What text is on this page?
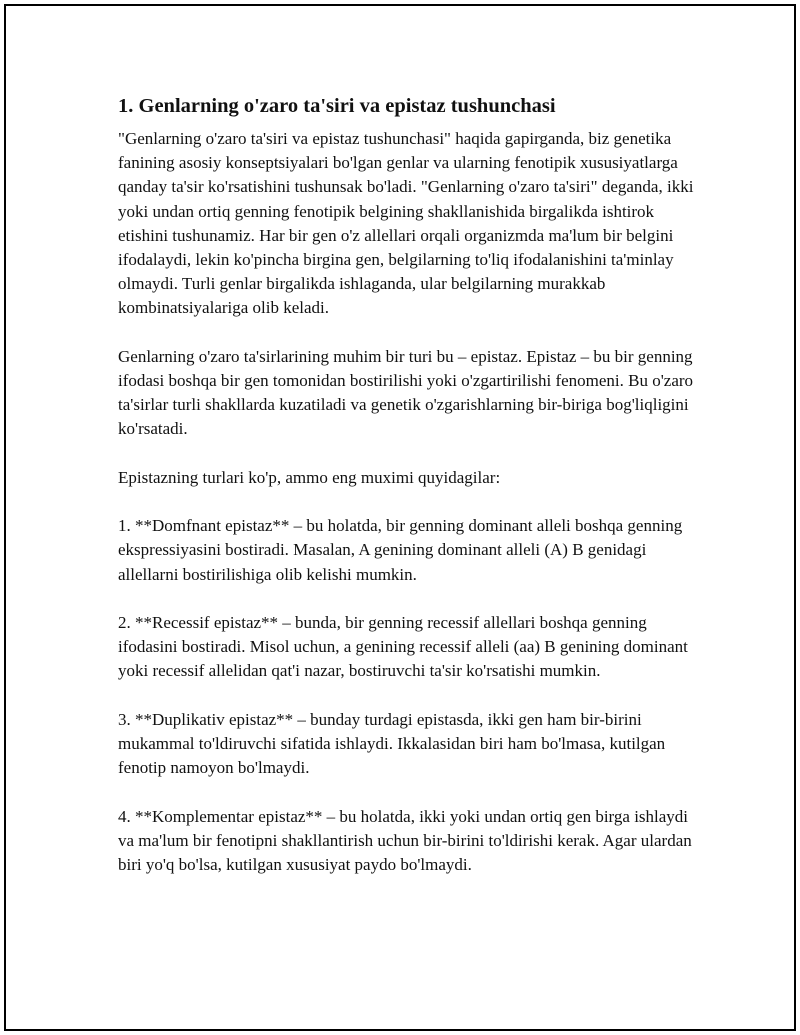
1. Genlarning o'zaro ta'siri va epistaz tushunchasi

"Genlarning o'zaro ta'siri va epistaz tushunchasi" haqida gapirganda, biz genetika fanining asosiy konseptsiyalari bo'lgan genlar va ularning fenotipik xususiyatlarga qanday ta'sir ko'rsatishini tushunsak bo'ladi. "Genlarning o'zaro ta'siri" deganda, ikki yoki undan ortiq genning fenotipik belgining shakllanishida birgalikda ishtirok etishini tushunamiz. Har bir gen o'z allellari orqali organizmda ma'lum bir belgini ifodalaydi, lekin ko'pincha birgina gen, belgilarning to'liq ifodalanishini ta'minlay olmaydi. Turli genlar birgalikda ishlaganda, ular belgilarning murakkab kombinatsiyalariga olib keladi.

Genlarning o'zaro ta'sirlarining muhim bir turi bu – epistaz. Epistaz – bu bir genning ifodasi boshqa bir gen tomonidan bostirilishi yoki o'zgartirilishi fenomeni. Bu o'zaro ta'sirlar turli shakllarda kuzatiladi va genetik o'zgarishlarning bir-biriga bog'liqligini ko'rsatadi.

Epistazning turlari ko'p, ammo eng muximi quyidagilar:

1. **Domfnant epistaz** – bu holatda, bir genning dominant alleli boshqa genning ekspressiyasini bostiradi. Masalan, A genining dominant alleli (A) B genidagi allellarni bostirilishiga olib kelishi mumkin.

2. **Recessif epistaz** – bunda, bir genning recessif allellari boshqa genning ifodasini bostiradi. Misol uchun, a genining recessif alleli (aa) B genining dominant yoki recessif allelidan qat'i nazar, bostiruvchi ta'sir ko'rsatishi mumkin.

3. **Duplikativ epistaz** – bunday turdagi epistasda, ikki gen ham bir-birini mukammal to'ldiruvchi sifatida ishlaydi. Ikkalasidan biri ham bo'lmasa, kutilgan fenotip namoyon bo'lmaydi.

4. **Komplementar epistaz** – bu holatda, ikki yoki undan ortiq gen birga ishlaydi va ma'lum bir fenotipni shakllantirish uchun bir-birini to'ldirishi kerak. Agar ulardan biri yo'q bo'lsa, kutilgan xususiyat paydo bo'lmaydi.
